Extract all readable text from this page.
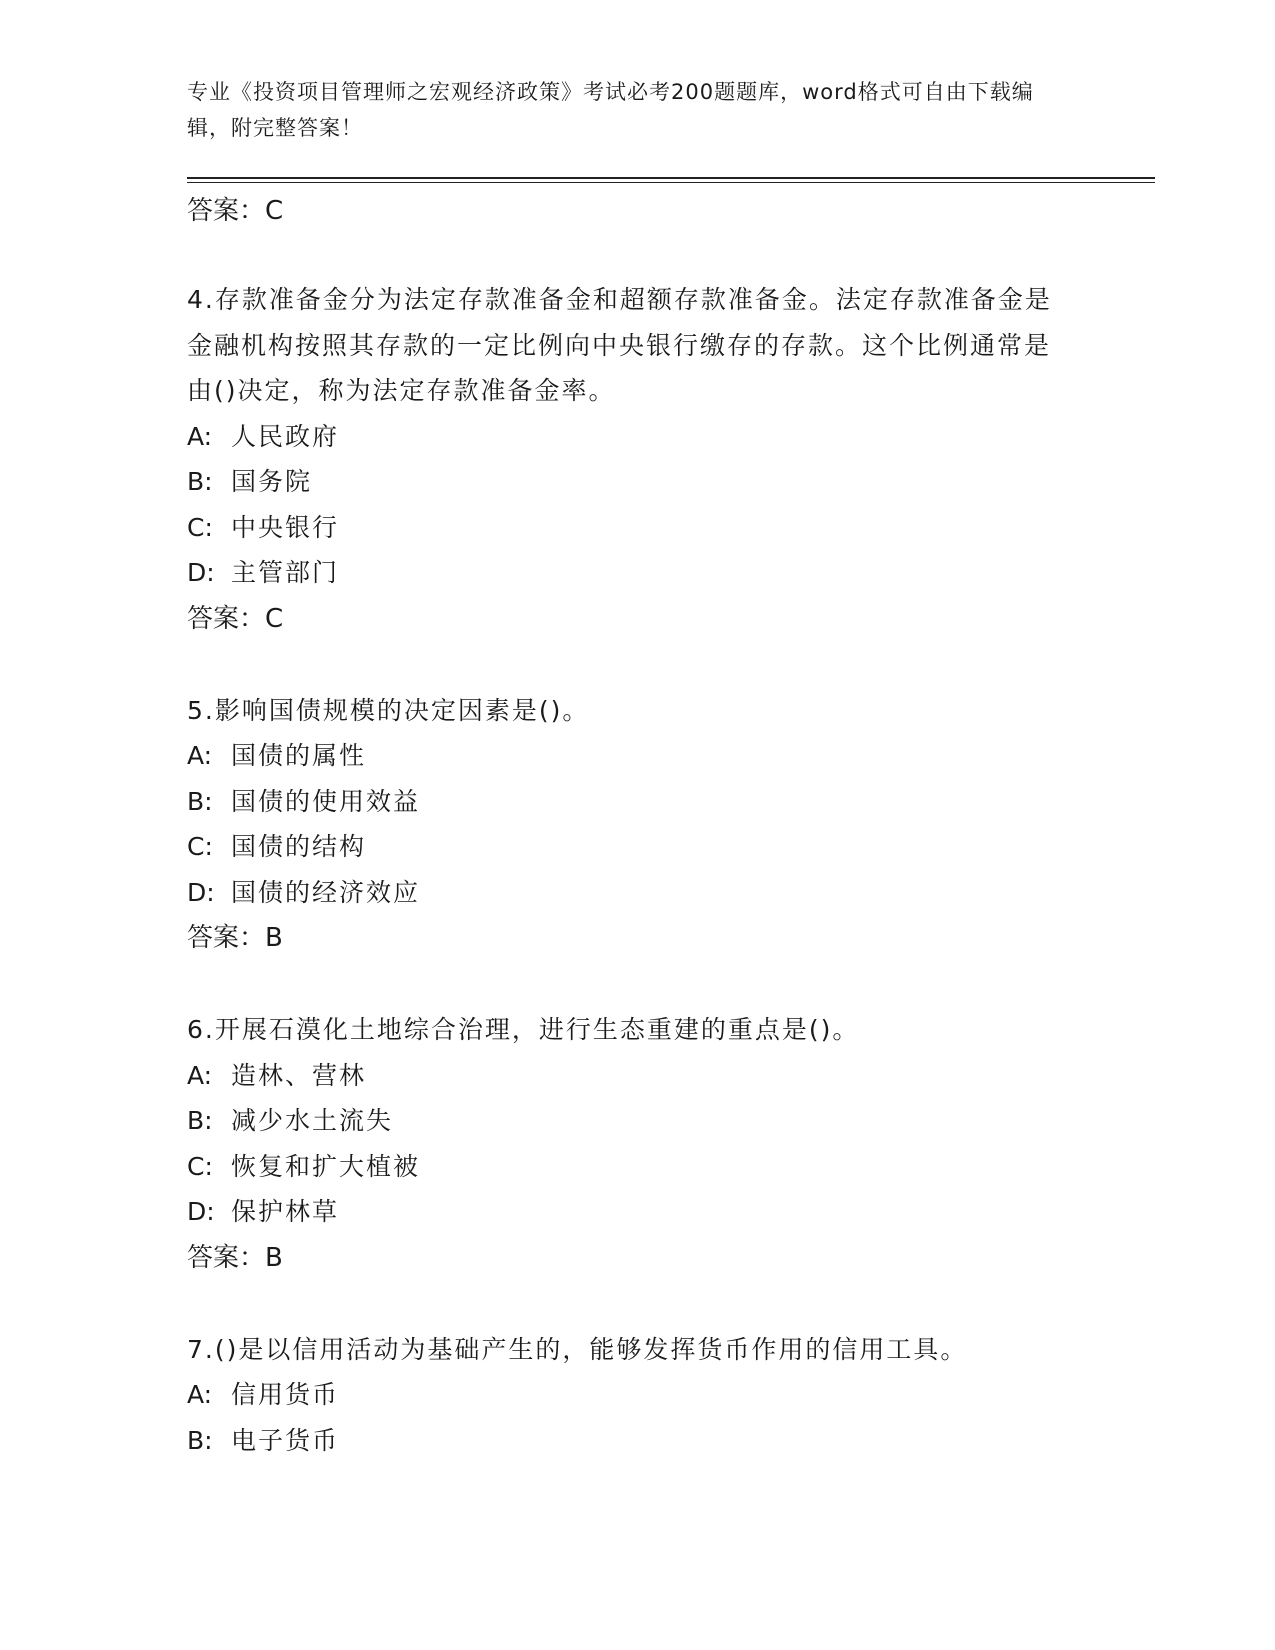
专业《投资项目管理师之宏观经济政策》考试必考200题题库，word格式可自由下载编辑，附完整答案！
答案：C
4.存款准备金分为法定存款准备金和超额存款准备金。法定存款准备金是金融机构按照其存款的一定比例向中央银行缴存的存款。这个比例通常是由()决定，称为法定存款准备金率。
A: 人民政府
B: 国务院
C: 中央银行
D: 主管部门
答案：C
5.影响国债规模的决定因素是()。
A: 国债的属性
B: 国债的使用效益
C: 国债的结构
D: 国债的经济效应
答案：B
6.开展石漠化土地综合治理，进行生态重建的重点是()。
A: 造林、营林
B: 减少水土流失
C: 恢复和扩大植被
D: 保护林草
答案：B
7.()是以信用活动为基础产生的，能够发挥货币作用的信用工具。
A: 信用货币
B: 电子货币
